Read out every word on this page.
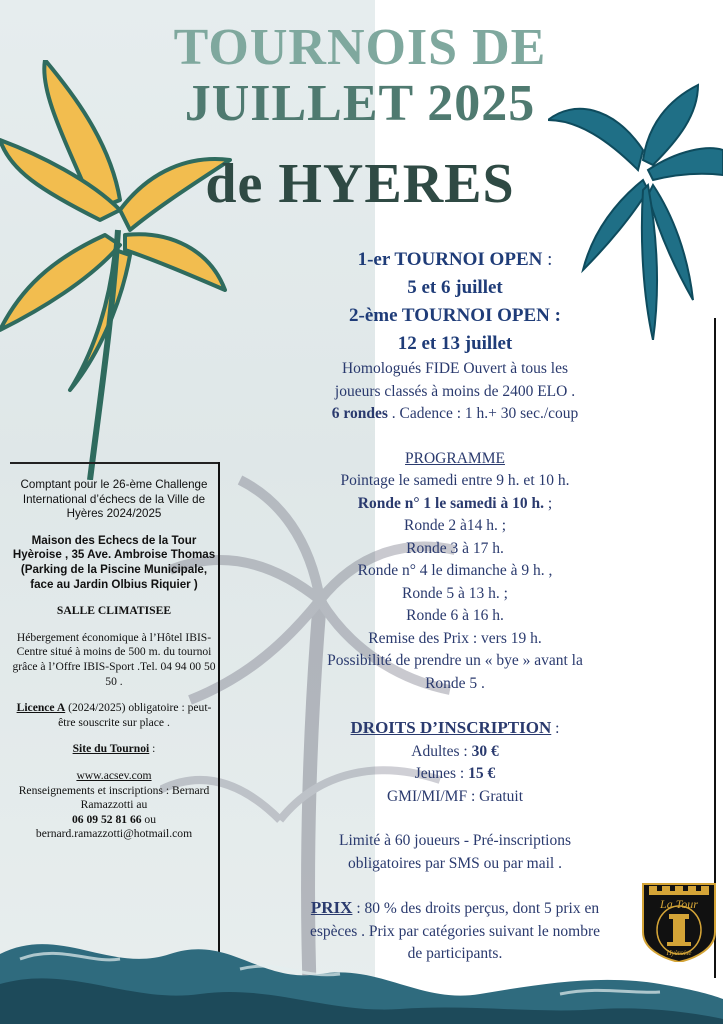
TOURNOIS DE
JUILLET 2025
de HYERES

1-er TOURNOI OPEN :

5 et 6 juillet

2-ème TOURNOI OPEN :

12 et 13 juillet

Homologués FIDE Ouvert à tous les

joueurs classés à moins de 2400 ELO .

6 rondes . Cadence : 1 h.+ 30 sec./coup

PROGRAMME

Pointage le samedi entre 9 h. et 10 h.

Ronde n° 1 le samedi à 10 h. ;

Ronde 2 à14 h. ;

Ronde 3 à 17 h.

Ronde n° 4 le dimanche à 9 h. ,

Ronde 5 à 13 h. ;

Ronde 6 à 16 h.

Remise des Prix : vers 19 h.

Possibilité de prendre un « bye » avant la

Ronde 5 .

DROITS D’INSCRIPTION :

Adultes : 30 €

Jeunes : 15 €

GMI/MI/MF : Gratuit

Limité à 60 joueurs - Pré-inscriptions

obligatoires par SMS ou par mail .

PRIX : 80 % des droits perçus, dont 5 prix en

espèces . Prix par catégories suivant le nombre

de participants.

Comptant pour le 26-ème Challenge International d’échecs de la Ville de Hyères 2024/2025

Maison des Echecs de la Tour Hyèroise , 35 Ave. Ambroise Thomas (Parking de la Piscine Municipale, face au Jardin Olbius Riquier )

SALLE CLIMATISEE

Hébergement économique à l’Hôtel IBIS-Centre situé à moins de 500 m. du tournoi grâce à l’Offre IBIS-Sport .Tel. 04 94 00 50 50 .

Licence A (2024/2025) obligatoire : peut-être souscrite sur place .

Site du Tournoi :

www.acsev.com

Renseignements et inscriptions : Bernard Ramazzotti au

06 09 52 81 66 ou

bernard.ramazzotti@hotmail.com

La Tour
Hyèroise
